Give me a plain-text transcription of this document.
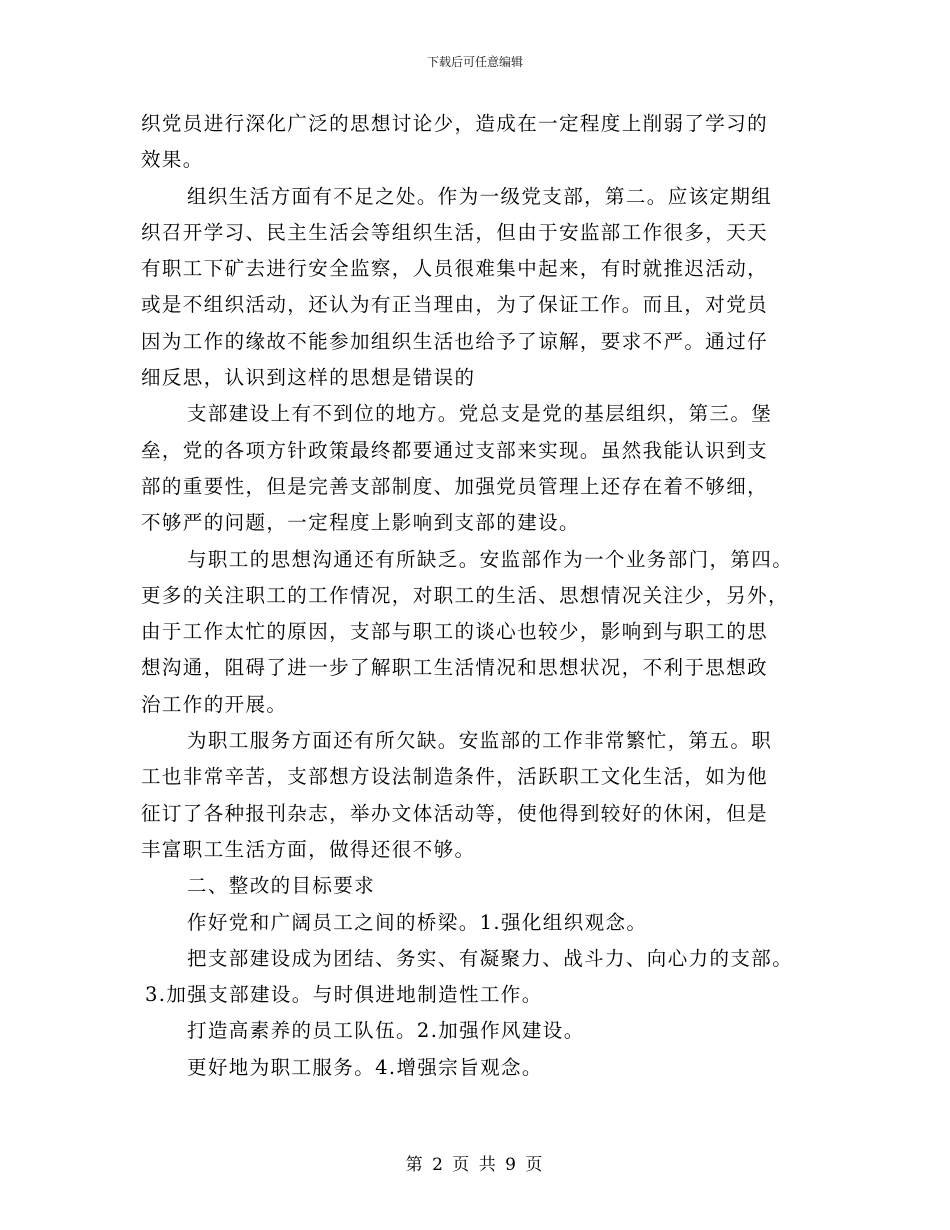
下载后可任意编辑
织党员进行深化广泛的思想讨论少，造成在一定程度上削弱了学习的
效果。
组织生活方面有不足之处。作为一级党支部，第二。应该定期组
织召开学习、民主生活会等组织生活，但由于安监部工作很多，天天
有职工下矿去进行安全监察，人员很难集中起来，有时就推迟活动，
或是不组织活动，还认为有正当理由，为了保证工作。而且，对党员
因为工作的缘故不能参加组织生活也给予了谅解，要求不严。通过仔
细反思，认识到这样的思想是错误的
支部建设上有不到位的地方。党总支是党的基层组织，第三。堡
垒，党的各项方针政策最终都要通过支部来实现。虽然我能认识到支
部的重要性，但是完善支部制度、加强党员管理上还存在着不够细，
不够严的问题，一定程度上影响到支部的建设。
与职工的思想沟通还有所缺乏。安监部作为一个业务部门，第四。
更多的关注职工的工作情况，对职工的生活、思想情况关注少，另外，
由于工作太忙的原因，支部与职工的谈心也较少，影响到与职工的思
想沟通，阻碍了进一步了解职工生活情况和思想状况，不利于思想政
治工作的开展。
为职工服务方面还有所欠缺。安监部的工作非常繁忙，第五。职
工也非常辛苦，支部想方设法制造条件，活跃职工文化生活，如为他
征订了各种报刊杂志，举办文体活动等，使他得到较好的休闲，但是
丰富职工生活方面，做得还很不够。
二、整改的目标要求
作好党和广阔员工之间的桥梁。1.强化组织观念。
把支部建设成为团结、务实、有凝聚力、战斗力、向心力的支部。
3.加强支部建设。与时俱进地制造性工作。
打造高素养的员工队伍。2.加强作风建设。
更好地为职工服务。4.增强宗旨观念。
第 2 页 共 9 页
